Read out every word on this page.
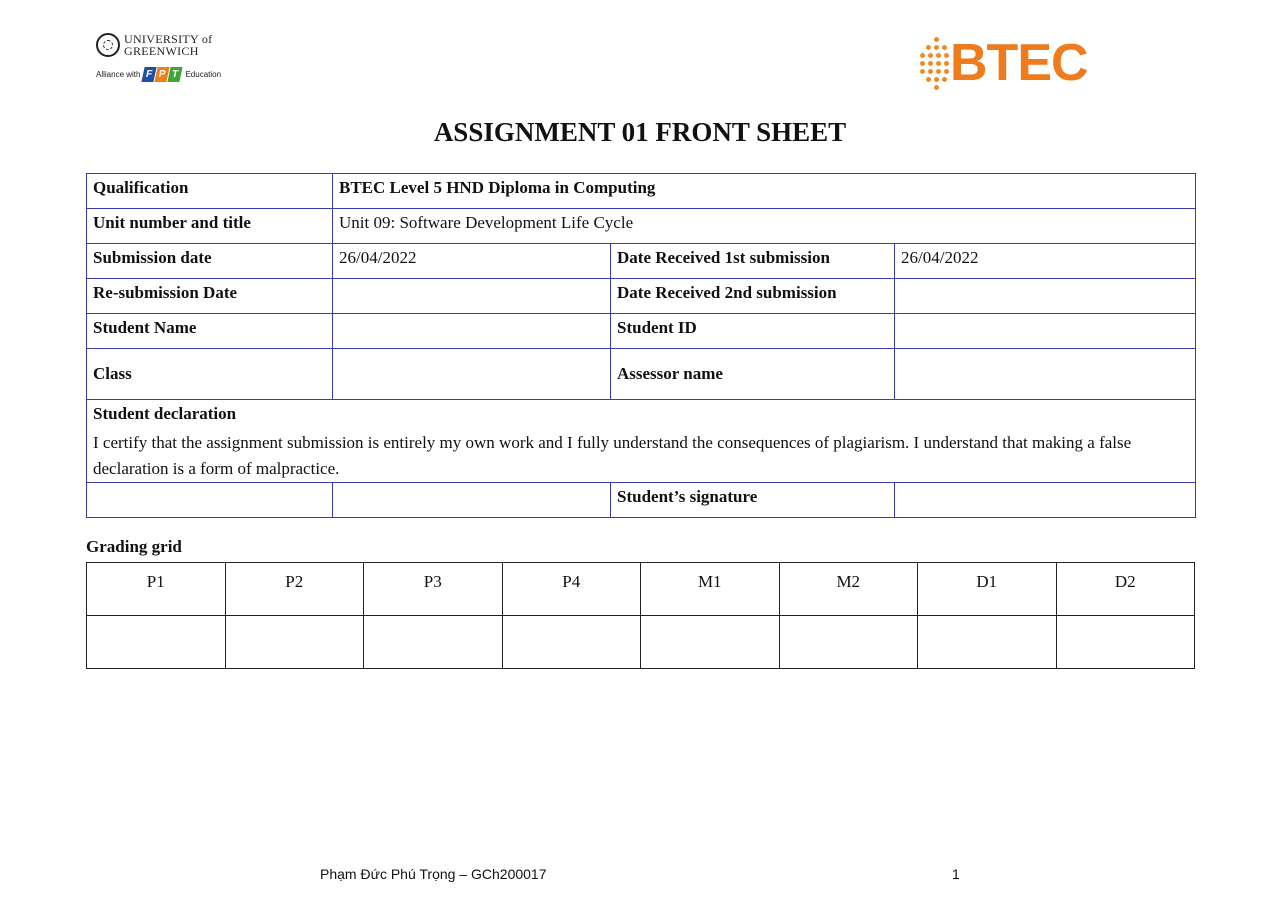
UNIVERSITY of
GREENWICH
Alliance with F P T Education	BTEC
ASSIGNMENT 01 FRONT SHEET
Qualification	BTEC Level 5 HND Diploma in Computing		
Unit number and title	Unit 09: Software Development Life Cycle		
Submission date	26/04/2022	Date Received 1st submission	26/04/2022
Re-submission Date		Date Received 2nd submission	
Student Name		Student ID	
Class		Assessor name	

Student declaration
I certify that the assignment submission is entirely my own work and I fully understand the consequences of plagiarism. I understand that making a false declaration is a form of malpractice.			

		Student’s signature	
Grading grid
P1	P2	P3	P4	M1	M2	D1	D2

Phạm Đức Phú Trọng – GCh200017	1
